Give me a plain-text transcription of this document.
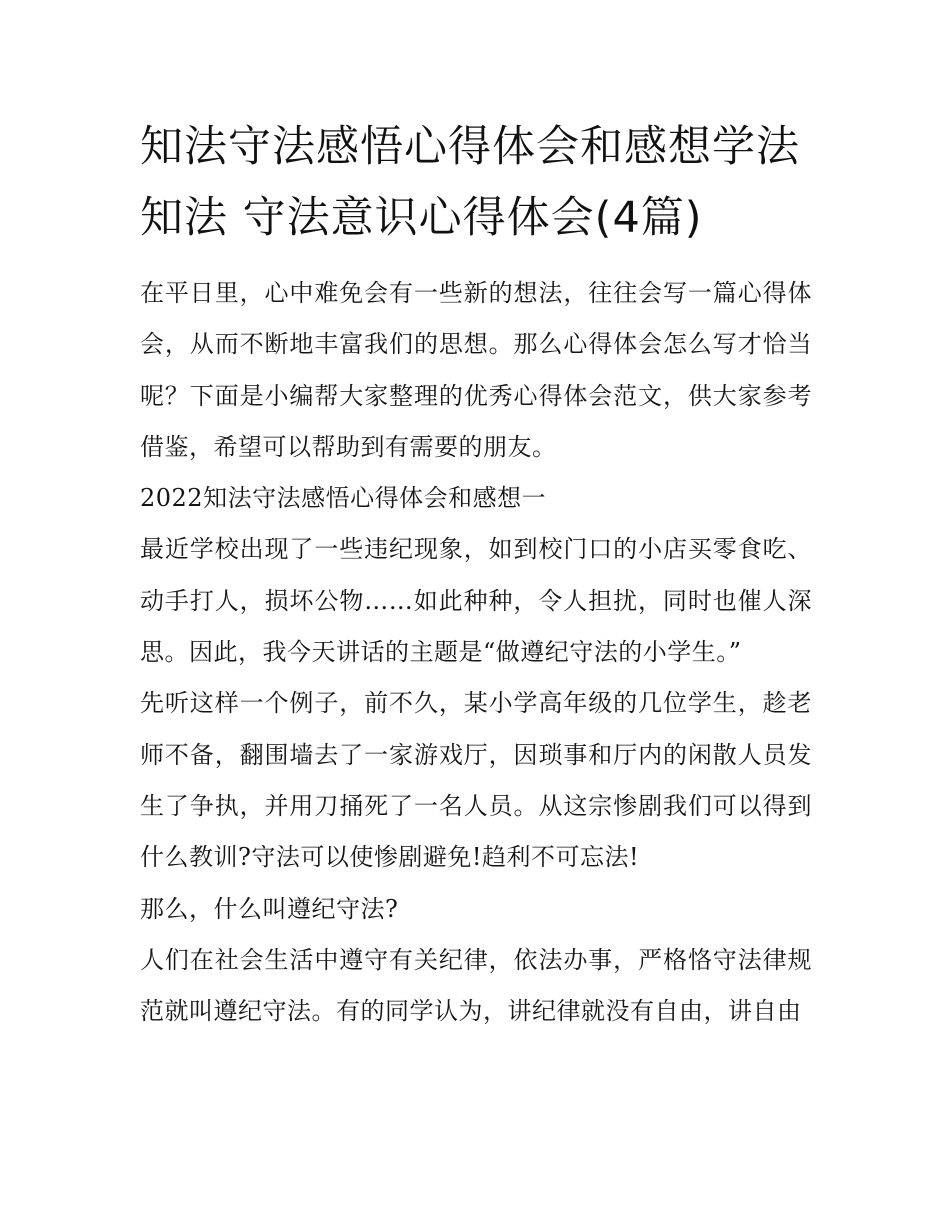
知法守法感悟心得体会和感想学法 知法 守法意识心得体会(4篇)

在平日里，心中难免会有一些新的想法，往往会写一篇心得体会，从而不断地丰富我们的思想。那么心得体会怎么写才恰当呢？下面是小编帮大家整理的优秀心得体会范文，供大家参考借鉴，希望可以帮助到有需要的朋友。

2022知法守法感悟心得体会和感想一

最近学校出现了一些违纪现象，如到校门口的小店买零食吃、动手打人，损坏公物……如此种种，令人担扰，同时也催人深思。因此，我今天讲话的主题是“做遵纪守法的小学生。”

先听这样一个例子，前不久，某小学高年级的几位学生，趁老师不备，翻围墙去了一家游戏厅，因琐事和厅内的闲散人员发生了争执，并用刀捅死了一名人员。从这宗惨剧我们可以得到什么教训?守法可以使惨剧避免!趋利不可忘法!

那么，什么叫遵纪守法?

人们在社会生活中遵守有关纪律，依法办事，严格恪守法律规范就叫遵纪守法。有的同学认为，讲纪律就没有自由，讲自由
